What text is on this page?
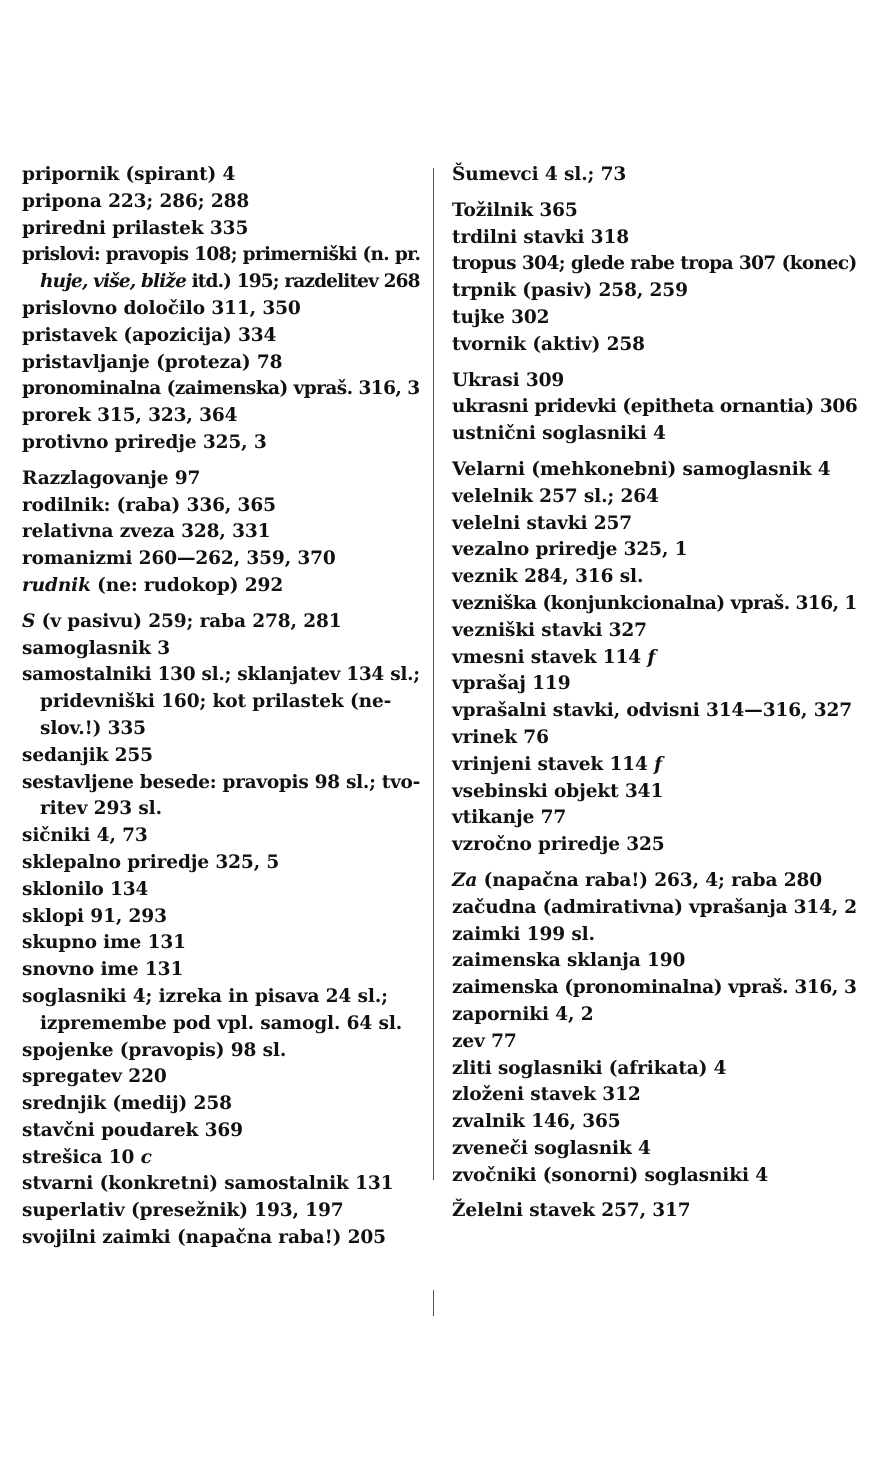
pripornik (spirant) 4
pripona 223; 286; 288
priredni prilastek 335
prislovi: pravopis 108; primerniški (n. pr.
huje, više, bliže itd.) 195; razdelitev 268
prislovno določilo 311, 350
pristavek (apozicija) 334
pristavljanje (proteza) 78
pronominalna (zaimenska) vpraš. 316, 3
prorek 315, 323, 364
protivno priredje 325, 3
Razzlagovanje 97
rodilnik: (raba) 336, 365
relativna zveza 328, 331
romanizmi 260—262, 359, 370
rudnik (ne: rudokop) 292
S (v pasivu) 259; raba 278, 281
samoglasnik 3
samostalniki 130 sl.; sklanjatev 134 sl.;
pridevniški 160; kot prilastek (ne-
slov.!) 335
sedanjik 255
sestavljene besede: pravopis 98 sl.; tvo-
ritev 293 sl.
sičniki 4, 73
sklepalno priredje 325, 5
sklonilo 134
sklopi 91, 293
skupno ime 131
snovno ime 131
soglasniki 4; izreka in pisava 24 sl.;
izpremembe pod vpl. samogl. 64 sl.
spojenke (pravopis) 98 sl.
spregatev 220
srednjik (medij) 258
stavčni poudarek 369
strešica 10 c
stvarni (konkretni) samostalnik 131
superlativ (presežnik) 193, 197
svojilni zaimki (napačna raba!) 205
Šumevci 4 sl.; 73
Tožilnik 365
trdilni stavki 318
tropus 304; glede rabe tropa 307 (konec)
trpnik (pasiv) 258, 259
tujke 302
tvornik (aktiv) 258
Ukrasi 309
ukrasni pridevki (epitheta ornantia) 306
ustnični soglasniki 4
Velarni (mehkonebni) samoglasnik 4
velelnik 257 sl.; 264
velelni stavki 257
vezalno priredje 325, 1
veznik 284, 316 sl.
vezniška (konjunkcionalna) vpraš. 316, 1
vezniški stavki 327
vmesni stavek 114 f
vprašaj 119
vprašalni stavki, odvisni 314—316, 327
vrinek 76
vrinjeni stavek 114 f
vsebinski objekt 341
vtikanje 77
vzročno priredje 325
Za (napačna raba!) 263, 4; raba 280
začudna (admirativna) vprašanja 314, 2
zaimki 199 sl.
zaimenska sklanja 190
zaimenska (pronominalna) vpraš. 316, 3
zaporniki 4, 2
zev 77
zliti soglasniki (afrikata) 4
zloženi stavek 312
zvalnik 146, 365
zveneči soglasnik 4
zvočniki (sonorni) soglasniki 4
Želelni stavek 257, 317
